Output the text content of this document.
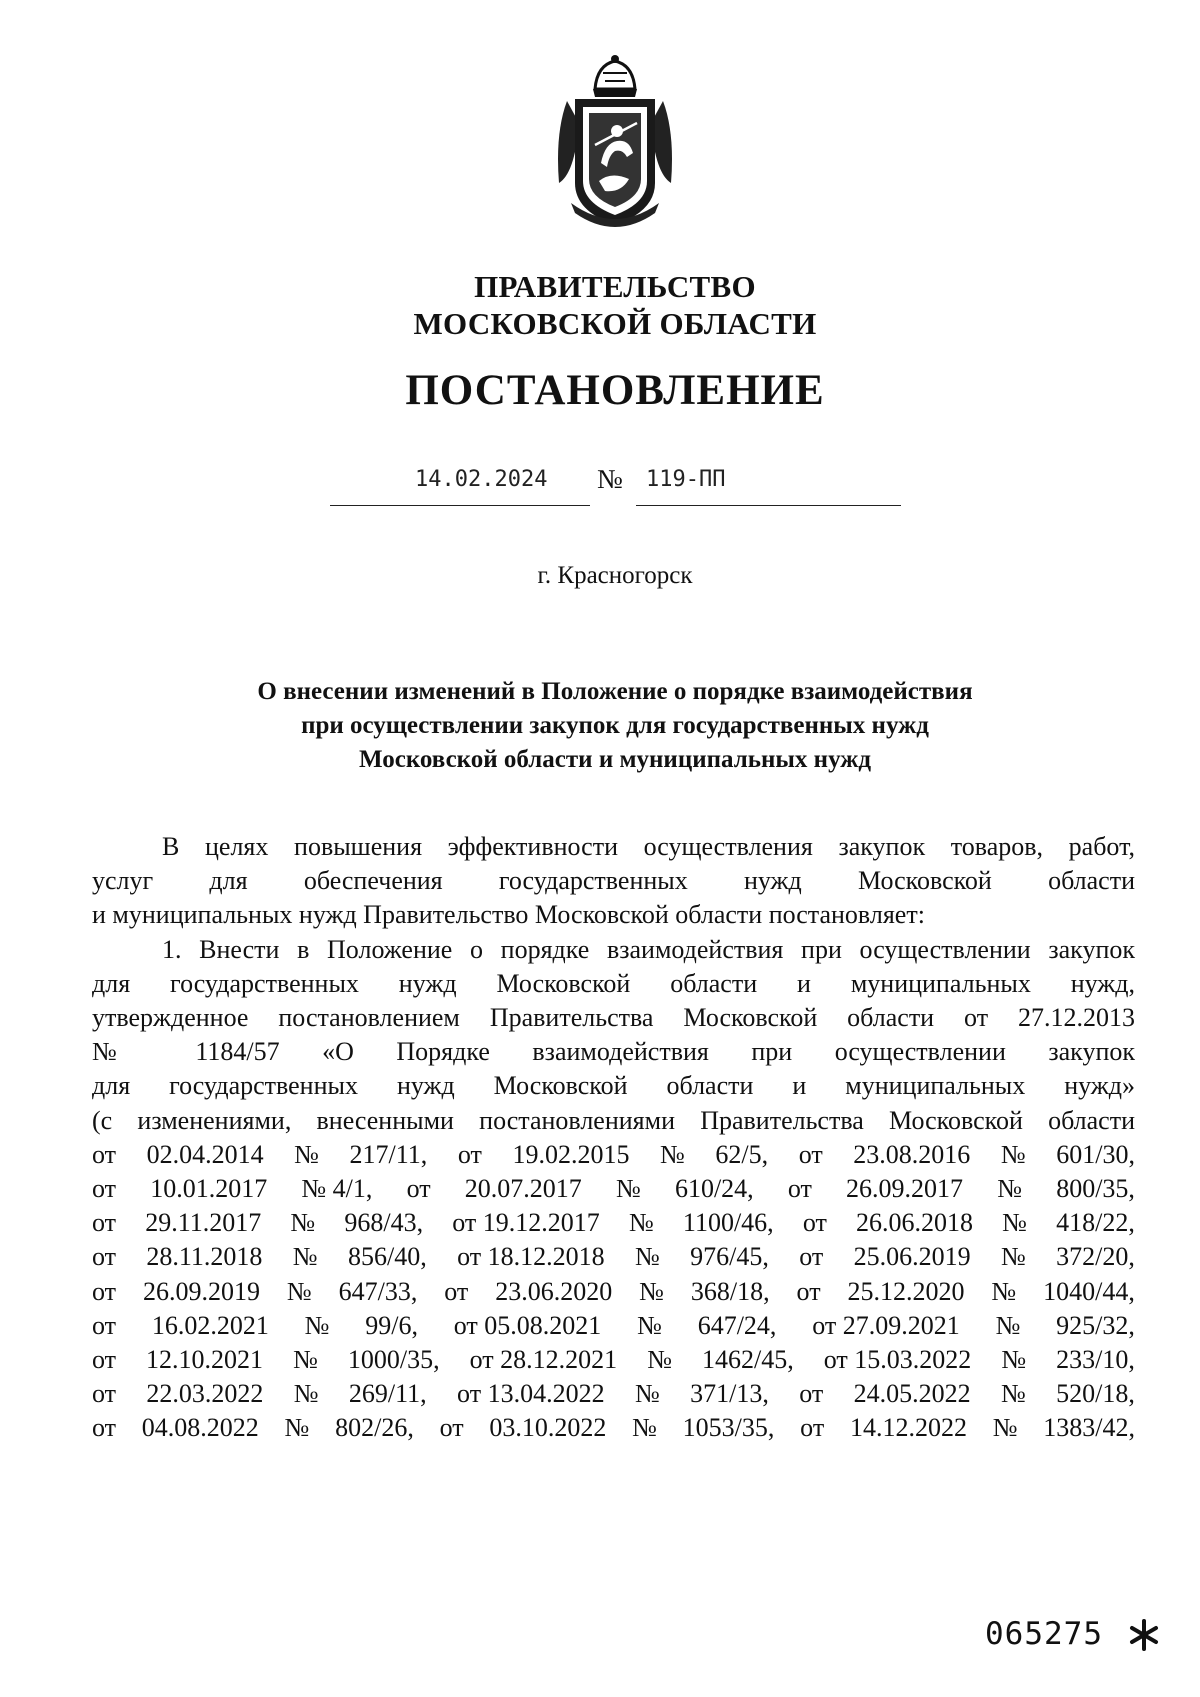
ПРАВИТЕЛЬСТВО
МОСКОВСКОЙ ОБЛАСТИ
ПОСТАНОВЛЕНИЕ
14.02.2024 № 119-ПП
г. Красногорск
О внесении изменений в Положение о порядке взаимодействия
при осуществлении закупок для государственных нужд
Московской области и муниципальных нужд
В целях повышения эффективности осуществления закупок товаров, работ,
услуг для обеспечения государственных нужд Московской области
и муниципальных нужд Правительство Московской области постановляет:
1. Внести в Положение о порядке взаимодействия при осуществлении закупок
для государственных нужд Московской области и муниципальных нужд,
утвержденное постановлением Правительства Московской области от 27.12.2013
№ 1184/57 «О Порядке взаимодействия при осуществлении закупок
для государственных нужд Московской области и муниципальных нужд»
(с изменениями, внесенными постановлениями Правительства Московской области
от 02.04.2014 № 217/11, от 19.02.2015 № 62/5, от 23.08.2016 № 601/30,
от 10.01.2017 № 4/1, от 20.07.2017 № 610/24, от 26.09.2017 № 800/35,
от 29.11.2017 № 968/43, от 19.12.2017 № 1100/46, от 26.06.2018 № 418/22,
от 28.11.2018 № 856/40, от 18.12.2018 № 976/45, от 25.06.2019 № 372/20,
от 26.09.2019 № 647/33, от 23.06.2020 № 368/18, от 25.12.2020 № 1040/44,
от 16.02.2021 № 99/6, от 05.08.2021 № 647/24, от 27.09.2021 № 925/32,
от 12.10.2021 № 1000/35, от 28.12.2021 № 1462/45, от 15.03.2022 № 233/10,
от 22.03.2022 № 269/11, от 13.04.2022 № 371/13, от 24.05.2022 № 520/18,
от 04.08.2022 № 802/26, от 03.10.2022 № 1053/35, от 14.12.2022 № 1383/42,
065275
